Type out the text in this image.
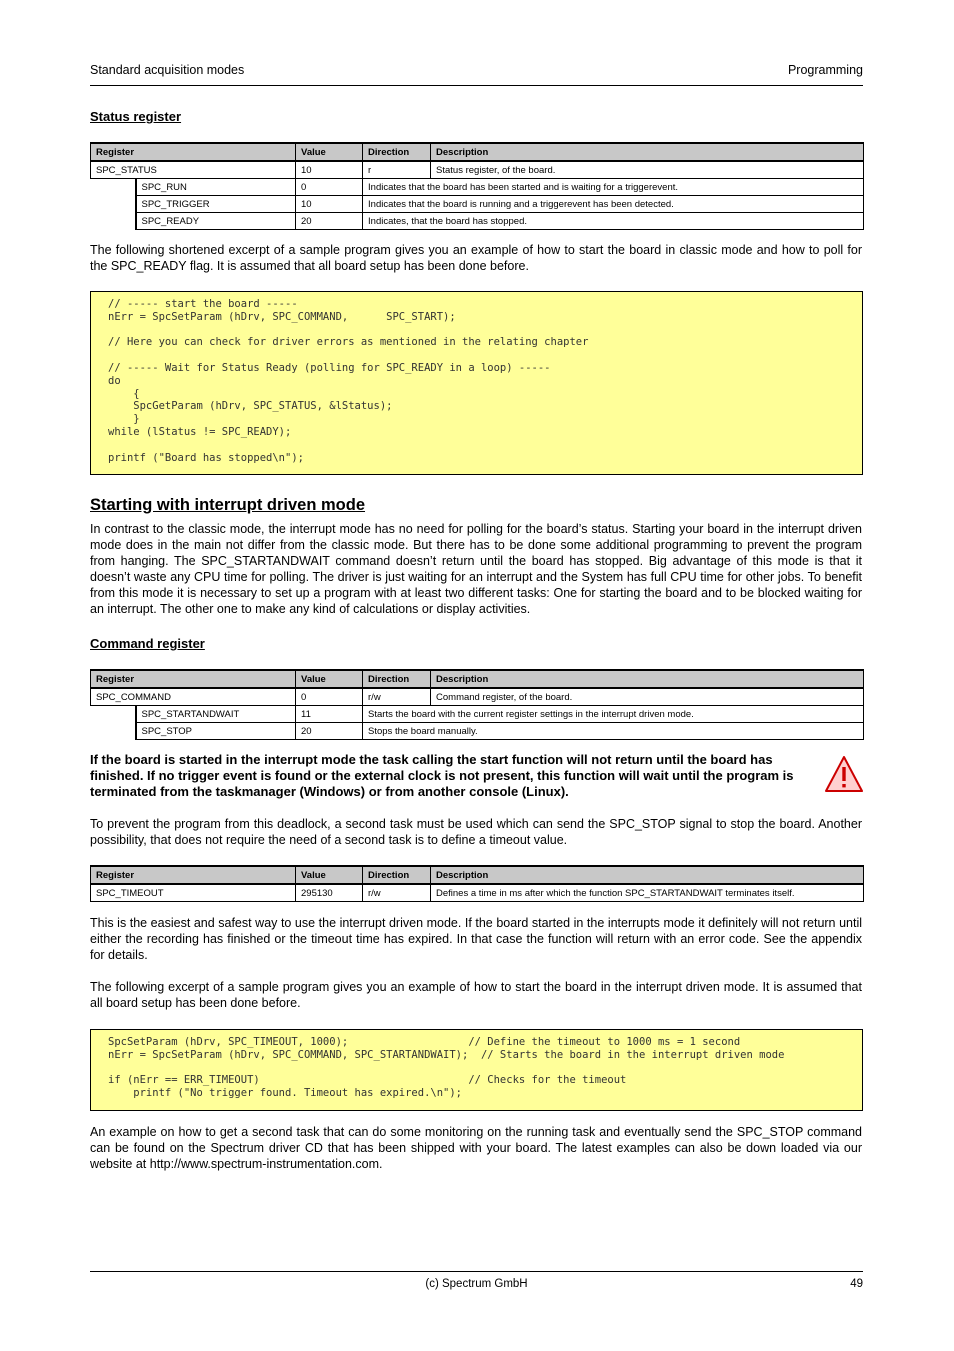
Standard acquisition modes	Programming
Status register
Register		Value	Direction	Description
SPC_STATUS		10	r	Status register, of the board.
	SPC_RUN	0	Indicates that the board has been started and is waiting for a triggerevent.	
	SPC_TRIGGER	10	Indicates that the board is running and a triggerevent has been detected.	
	SPC_READY	20	Indicates, that the board has stopped.	
The following shortened excerpt of a sample program gives you an example of how to start the board in classic mode and how to poll for the SPC_READY flag. It is assumed that all board setup has been done before.
// ----- start the board -----
nErr = SpcSetParam (hDrv, SPC_COMMAND,      SPC_START);

// Here you can check for driver errors as mentioned in the relating chapter

// ----- Wait for Status Ready (polling for SPC_READY in a loop) -----
do
{
SpcGetParam (hDrv, SPC_STATUS, &lStatus);
}
while (lStatus != SPC_READY);

printf ("Board has stopped\n");
Starting with interrupt driven mode
In contrast to the classic mode, the interrupt mode has no need for polling for the board’s status. Starting your board in the interrupt driven mode does in the main not differ from the classic mode. But there has to be done some additional programming to prevent the program from hanging. The SPC_STARTANDWAIT command doesn’t return until the board has stopped. Big advantage of this mode is that it doesn’t waste any CPU time for polling. The driver is just waiting for an interrupt and the System has full CPU time for other jobs. To benefit from this mode it is necessary to set up a program with at least two different tasks: One for starting the board and to be blocked waiting for an interrupt. The other one to make any kind of calculations or display activities.
Command register
Register		Value	Direction	Description
SPC_COMMAND		0	r/w	Command register, of the board.
	SPC_STARTANDWAIT	11	Starts the board with the current register settings in the interrupt driven mode.	
	SPC_STOP	20	Stops the board manually.	
If the board is started in the interrupt mode the task calling the start function will not return until the board has finished. If no trigger event is found or the external clock is not present, this function will wait until the program is terminated from the taskmanager (Windows) or from another console (Linux).
To prevent the program from this deadlock, a second task must be used which can send the SPC_STOP signal to stop the board. Another possibility, that does not require the need of a second task is to define a timeout value.
Register	Value	Direction	Description
SPC_TIMEOUT	295130	r/w	Defines a time in ms after which the function SPC_STARTANDWAIT terminates itself.
This is the easiest and safest way to use the interrupt driven mode. If the board started in the interrupts mode it definitely will not return until either the recording has finished or the timeout time has expired. In that case the function will return with an error code. See the appendix for details.
The following excerpt of a sample program gives you an example of how to start the board in the interrupt driven mode. It is assumed that all board setup has been done before.
SpcSetParam (hDrv, SPC_TIMEOUT, 1000);                   // Define the timeout to 1000 ms = 1 second
nErr = SpcSetParam (hDrv, SPC_COMMAND, SPC_STARTANDWAIT);  // Starts the board in the interrupt driven mode

if (nErr == ERR_TIMEOUT)                                 // Checks for the timeout
printf ("No trigger found. Timeout has expired.\n");
An example on how to get a second task that can do some monitoring on the running task and eventually send the SPC_STOP command can be found on the Spectrum driver CD that has been shipped with your board. The latest examples can also be down loaded via our website at http://www.spectrum-instrumentation.com.
(c) Spectrum GmbH	49
